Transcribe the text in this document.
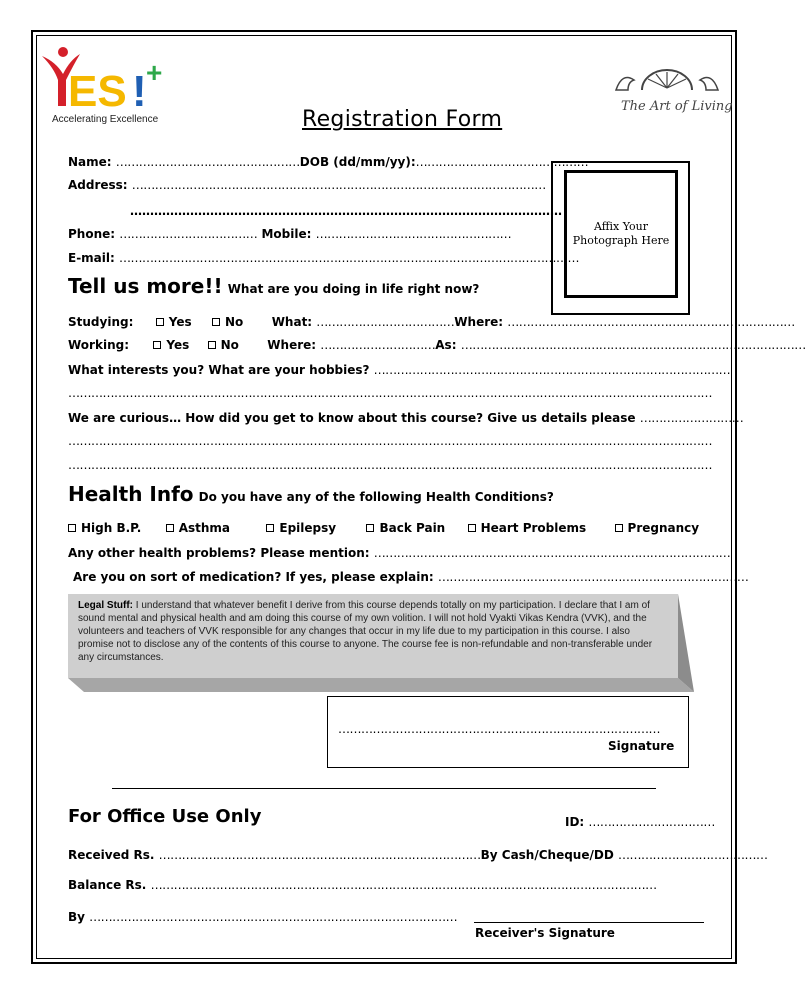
ES ! +
Accelerating Excellence
The Art of Living
Registration Form
Name: …………………………………………DOB (dd/mm/yy):………………………………………
Address: ………………………………………………………………………………………………
………………………………………………………………………………………………
Phone: ……………………………… Mobile: ……………………………………………
E-mail: …………………………………………………………………………………………………………
Affix Your Photograph Here
Tell us more!! What are you doing in life right now?
Studying:	Yes	No What: ………………………………Where: …………………………………………………………………
Working:	Yes	No Where: …………………………As: ………………………………………………………………………………
What interests you? What are your hobbies? …………………………………………………………………………………
……………………………………………………………………………………………………………………………………………………
We are curious… How did you get to know about this course? Give us details please ………………………
……………………………………………………………………………………………………………………………………………………
……………………………………………………………………………………………………………………………………………………
Health Info Do you have any of the following Health Conditions?
High B.P.	Asthma	Epilepsy	Back Pain	Heart Problems	Pregnancy
Any other health problems? Please mention: …………………………………………………………………………………
Are you on sort of medication? If yes, please explain: ………………………………………………………………………
Legal Stuff: I understand that whatever benefit I derive from this course depends totally on my participation. I declare that I am of sound mental and physical health and am doing this course of my own volition. I will not hold Vyakti Vikas Kendra (VVK), and the volunteers and teachers of VVK responsible for any changes that occur in my life due to my participation in this course. I also promise not to disclose any of the contents of this course to anyone. The course fee is non-refundable and non-transferable under any circumstances.
…………………………………………………………………………
Signature
For Office Use Only	ID: ……………………………
Received Rs. …………………………………………………………………………By Cash/Cheque/DD …………………………………
Balance Rs. ……………………………………………………………………………………………………………………
By ……………………………………………………………………………………
Receiver's Signature
